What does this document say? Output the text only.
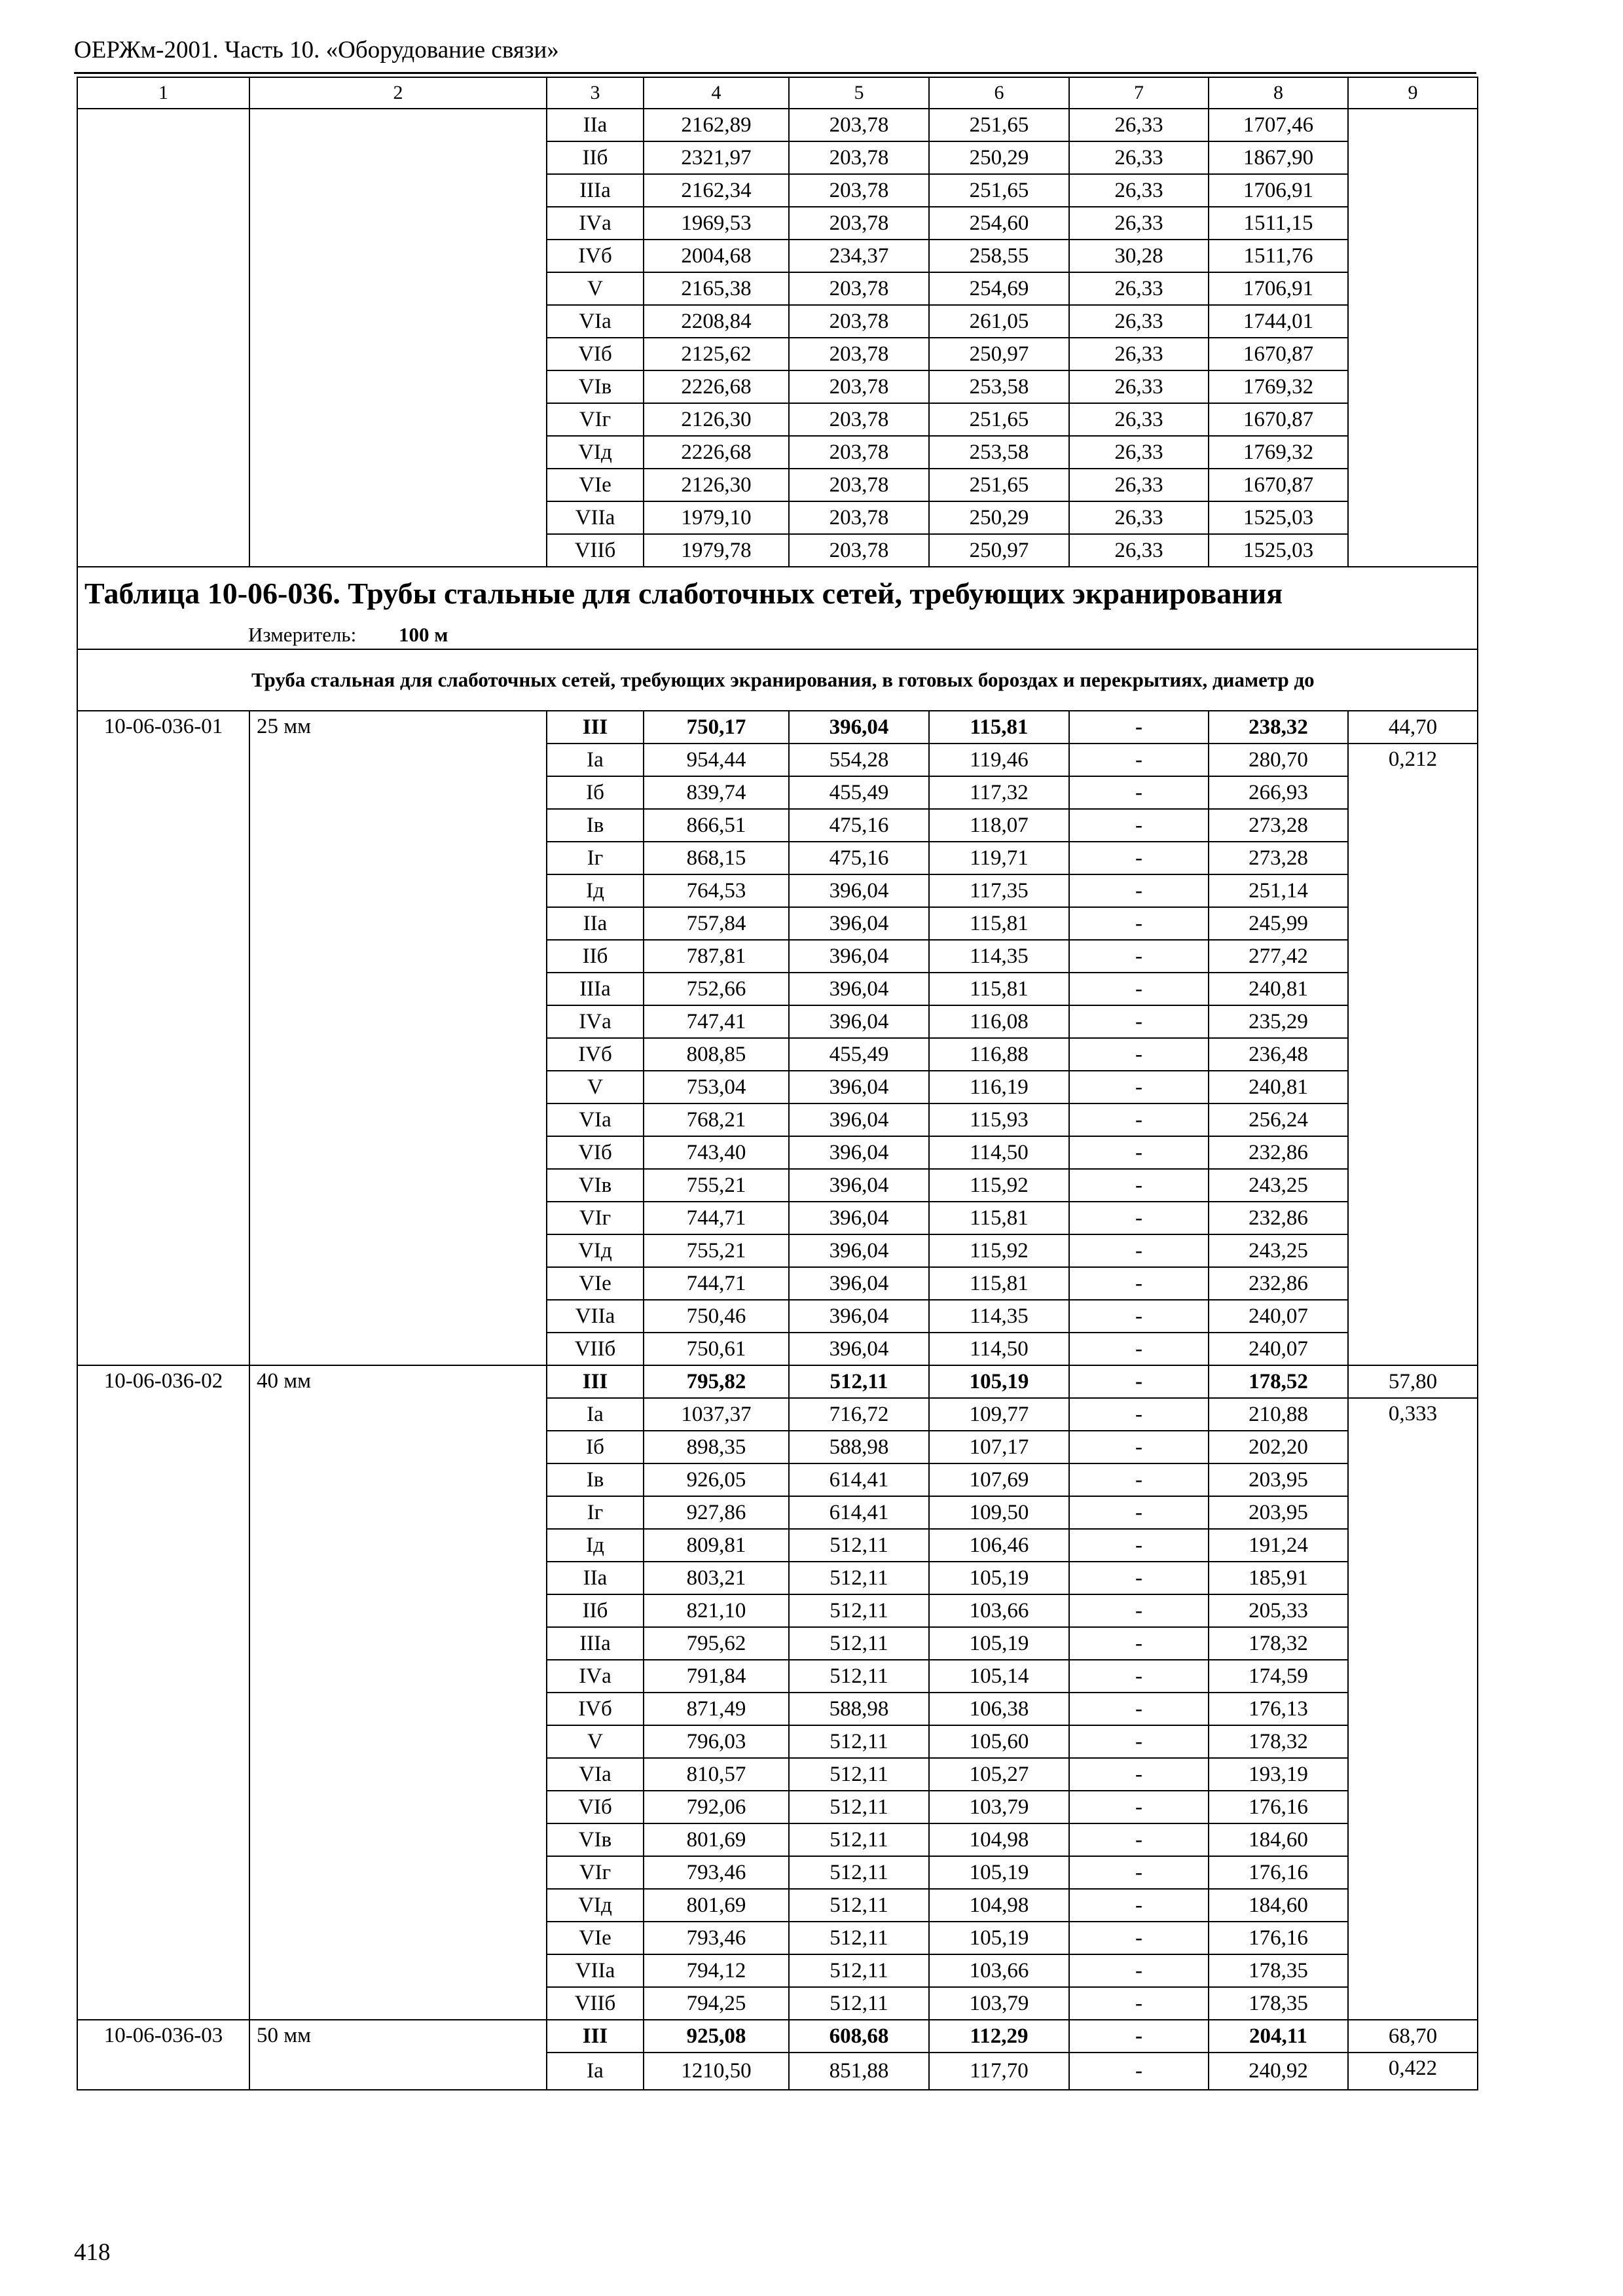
ОЕРЖм-2001. Часть 10. «Оборудование связи»
1	2	3	4	5	6	7	8	9
		IIа	2162,89	203,78	251,65	26,33	1707,46	
		IIб	2321,97	203,78	250,29	26,33	1867,90	
		IIIа	2162,34	203,78	251,65	26,33	1706,91	
		IVа	1969,53	203,78	254,60	26,33	1511,15	
		IVб	2004,68	234,37	258,55	30,28	1511,76	
		V	2165,38	203,78	254,69	26,33	1706,91	
		VIа	2208,84	203,78	261,05	26,33	1744,01	
		VIб	2125,62	203,78	250,97	26,33	1670,87	
		VIв	2226,68	203,78	253,58	26,33	1769,32	
		VIг	2126,30	203,78	251,65	26,33	1670,87	
		VIд	2226,68	203,78	253,58	26,33	1769,32	
		VIе	2126,30	203,78	251,65	26,33	1670,87	
		VIIа	1979,10	203,78	250,29	26,33	1525,03	
		VIIб	1979,78	203,78	250,97	26,33	1525,03	
Таблица 10-06-036. Трубы стальные для слаботочных сетей, требующих экранирования								
Измеритель: 100 м								
Труба стальная для слаботочных сетей, требующих экранирования, в готовых бороздах и перекрытиях, диаметр до								
10-06-036-01	25 мм	III	750,17	396,04	115,81	-	238,32	44,70
		Iа	954,44	554,28	119,46	-	280,70	0,212
		Iб	839,74	455,49	117,32	-	266,93	
		Iв	866,51	475,16	118,07	-	273,28	
		Iг	868,15	475,16	119,71	-	273,28	
		Iд	764,53	396,04	117,35	-	251,14	
		IIа	757,84	396,04	115,81	-	245,99	
		IIб	787,81	396,04	114,35	-	277,42	
		IIIа	752,66	396,04	115,81	-	240,81	
		IVа	747,41	396,04	116,08	-	235,29	
		IVб	808,85	455,49	116,88	-	236,48	
		V	753,04	396,04	116,19	-	240,81	
		VIа	768,21	396,04	115,93	-	256,24	
		VIб	743,40	396,04	114,50	-	232,86	
		VIв	755,21	396,04	115,92	-	243,25	
		VIг	744,71	396,04	115,81	-	232,86	
		VIд	755,21	396,04	115,92	-	243,25	
		VIе	744,71	396,04	115,81	-	232,86	
		VIIа	750,46	396,04	114,35	-	240,07	
		VIIб	750,61	396,04	114,50	-	240,07	
10-06-036-02	40 мм	III	795,82	512,11	105,19	-	178,52	57,80
		Iа	1037,37	716,72	109,77	-	210,88	0,333
		Iб	898,35	588,98	107,17	-	202,20	
		Iв	926,05	614,41	107,69	-	203,95	
		Iг	927,86	614,41	109,50	-	203,95	
		Iд	809,81	512,11	106,46	-	191,24	
		IIа	803,21	512,11	105,19	-	185,91	
		IIб	821,10	512,11	103,66	-	205,33	
		IIIа	795,62	512,11	105,19	-	178,32	
		IVа	791,84	512,11	105,14	-	174,59	
		IVб	871,49	588,98	106,38	-	176,13	
		V	796,03	512,11	105,60	-	178,32	
		VIа	810,57	512,11	105,27	-	193,19	
		VIб	792,06	512,11	103,79	-	176,16	
		VIв	801,69	512,11	104,98	-	184,60	
		VIг	793,46	512,11	105,19	-	176,16	
		VIд	801,69	512,11	104,98	-	184,60	
		VIе	793,46	512,11	105,19	-	176,16	
		VIIа	794,12	512,11	103,66	-	178,35	
		VIIб	794,25	512,11	103,79	-	178,35	
10-06-036-03	50 мм	III	925,08	608,68	112,29	-	204,11	68,70
		Iа	1210,50	851,88	117,70	-	240,92	0,422
418
